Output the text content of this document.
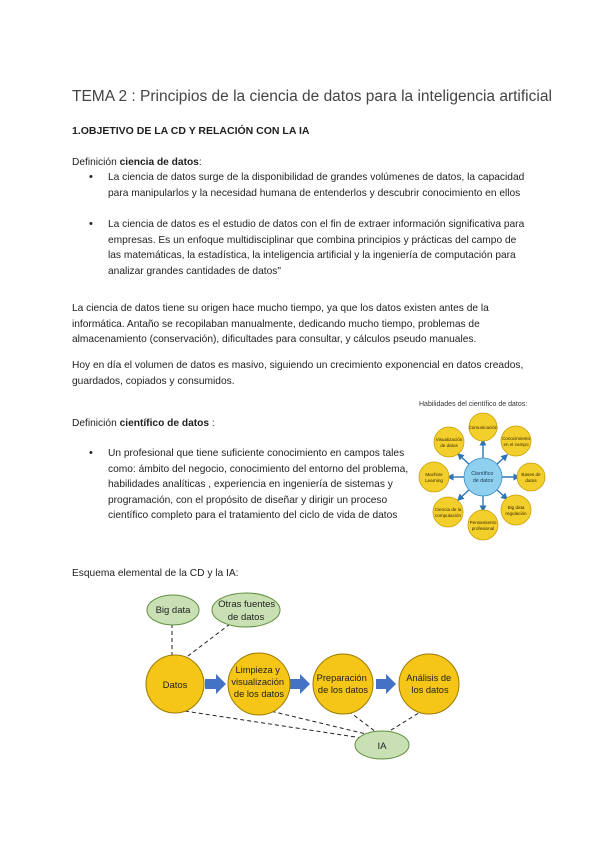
TEMA 2 : Principios de la ciencia de datos para la inteligencia artificial
1.OBJETIVO DE LA CD Y RELACIÓN CON LA IA

Definición ciencia de datos:

• La ciencia de datos surge de la disponibilidad de grandes volúmenes de datos, la capacidad para manipularlos y la necesidad humana de entenderlos y descubrir conocimiento en ellos
• La ciencia de datos es el estudio de datos con el fin de extraer información significativa para empresas. Es un enfoque multidisciplinar que combina principios y prácticas del campo de las matemáticas, la estadística, la inteligencia artificial y la ingeniería de computación para analizar grandes cantidades de datos"

La ciencia de datos tiene su origen hace mucho tiempo, ya que los datos existen antes de la informática. Antaño se recopilaban manualmente, dedicando mucho tiempo, problemas de almacenamiento (conservación), dificultades para consultar, y cálculos pseudo manuales.

Hoy en día el volumen de datos es masivo, siguiendo un crecimiento exponencial en datos creados, guardados, copiados y consumidos.

Definición científico de datos :

• Un profesional que tiene suficiente conocimiento en campos tales como: ámbito del negocio, conocimiento del entorno del problema, habilidades analíticas , experiencia en ingeniería de sistemas y programación, con el propósito de diseñar y dirigir un proceso científico completo para el tratamiento del ciclo de vida de datos
Habilidades del científico de datos:
Científico de datos
Comunicación
Conocimiento en el campo
Bases de datos
Big data regulación
Pensamiento profesional
Ciencia de la computación
Machine Learning
Visualización de datos

Esquema elemental de la CD y la IA:

Big data
Otras fuentes de datos
Datos
Limpieza y visualización de los datos
Preparación de los datos
Análisis de los datos
IA
